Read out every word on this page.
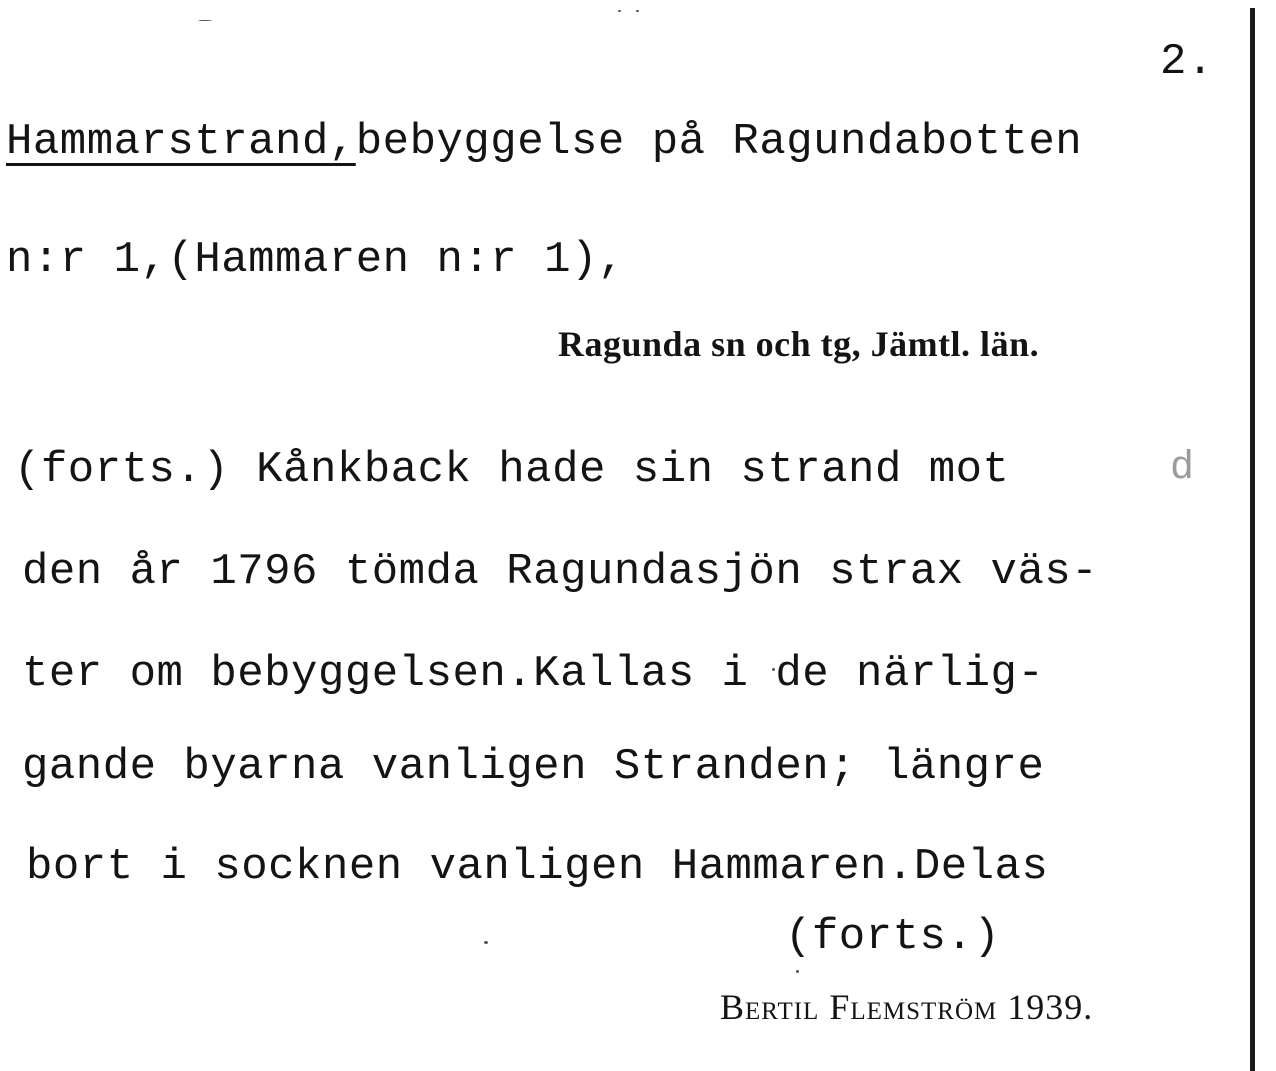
2.
Hammarstrand,bebyggelse på Ragundabotten
n:r 1,(Hammaren n:r 1),
Ragunda sn och tg, Jämtl. län.
(forts.) Kånkback hade sin strand mot	d
den år 1796 tömda Ragundasjön strax väs-
ter om bebyggelsen.Kallas i de närlig-
gande byarna vanligen Stranden; längre
bort i socknen vanligen Hammaren.Delas
(forts.)
Bertil Flemström 1939.
